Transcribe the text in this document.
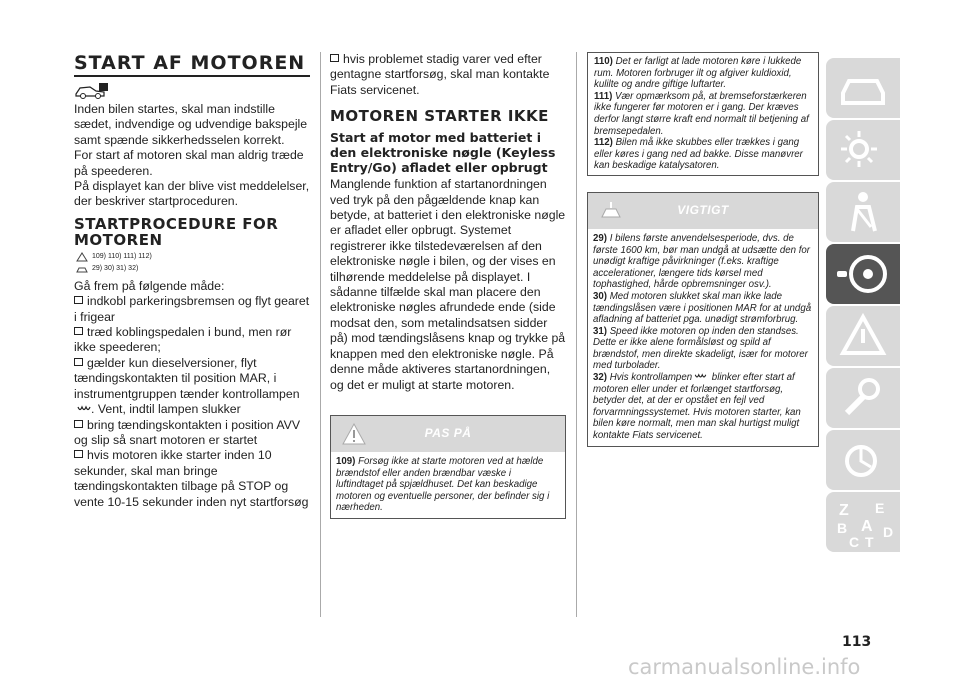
START AF MOTOREN

Inden bilen startes, skal man indstille sædet, indvendige og udvendige bakspejle samt spænde sikkerhedsselen korrekt.

For start af motoren skal man aldrig træde på speederen.

På displayet kan der blive vist meddelelser, der beskriver startproceduren.

STARTPROCEDURE FOR MOTOREN
109) 110) 111) 112)
29) 30) 31) 32)

Gå frem på følgende måde:

indkobl parkeringsbremsen og flyt gearet i frigear
træd koblingspedalen i bund, men rør ikke speederen;
gælder kun dieselversioner, flyt tændingskontakten til position MAR, i instrumentgruppen tænder kontrollampen. Vent, indtil lampen slukker
bring tændingskontakten i position AVV og slip så snart motoren er startet
hvis motoren ikke starter inden 10 sekunder, skal man bringe tændingskontakten tilbage på STOP og vente 10-15 sekunder inden nyt startforsøg
hvis problemet stadig varer ved efter gentagne startforsøg, skal man kontakte Fiats servicenet.
MOTOREN STARTER IKKE
Start af motor med batteriet i den elektroniske nøgle (Keyless Entry/Go) afladet eller opbrugt

Manglende funktion af startanordningen ved tryk på den pågældende knap kan betyde, at batteriet i den elektroniske nøgle er afladet eller opbrugt. Systemet registrerer ikke tilstedeværelsen af den elektroniske nøgle i bilen, og der vises en tilhørende meddelelse på displayet. I sådanne tilfælde skal man placere den elektroniske nøgles afrundede ende (side modsat den, som metalindsatsen sidder på) mod tændingslåsens knap og trykke på knappen med den elektroniske nøgle. På denne måde aktiveres startanordningen, og det er muligt at starte motoren.

PAS PÅ
109) Forsøg ikke at starte motoren ved at hælde brændstof eller anden brændbar væske i luftindtaget på spjældhuset. Det kan beskadige motoren og eventuelle personer, der befinder sig i nærheden.
110) Det er farligt at lade motoren køre i lukkede rum. Motoren forbruger ilt og afgiver kuldioxid, kulilte og andre giftige luftarter.
111) Vær opmærksom på, at bremseforstærkeren ikke fungerer før motoren er i gang. Der kræves derfor langt større kraft end normalt til betjening af bremsepedalen.
112) Bilen må ikke skubbes eller trækkes i gang eller køres i gang ned ad bakke. Disse manøvrer kan beskadige katalysatoren.
VIGTIGT
29) I bilens første anvendelsesperiode, dvs. de første 1600 km, bør man undgå at udsætte den for unødigt kraftige påvirkninger (f.eks. kraftige accelerationer, længere tids kørsel med tophastighed, hårde opbremsninger osv.).
30) Med motoren slukket skal man ikke lade tændingslåsen være i positionen MAR for at undgå afladning af batteriet pga. unødigt strømforbrug.
31) Speed ikke motoren op inden den standses. Dette er ikke alene formålsløst og spild af brændstof, men direkte skadeligt, især for motorer med turbolader.
32) Hvis kontrollampen blinker efter start af motoren eller under et forlænget startforsøg, betyder det, at der er opstået en fejl ved forvarmningssystemet. Hvis motoren starter, kan bilen køre normalt, men man skal hurtigst muligt kontakte Fiats servicenet.
Z E
B A
C
D
T
113
carmanualsonline.info
